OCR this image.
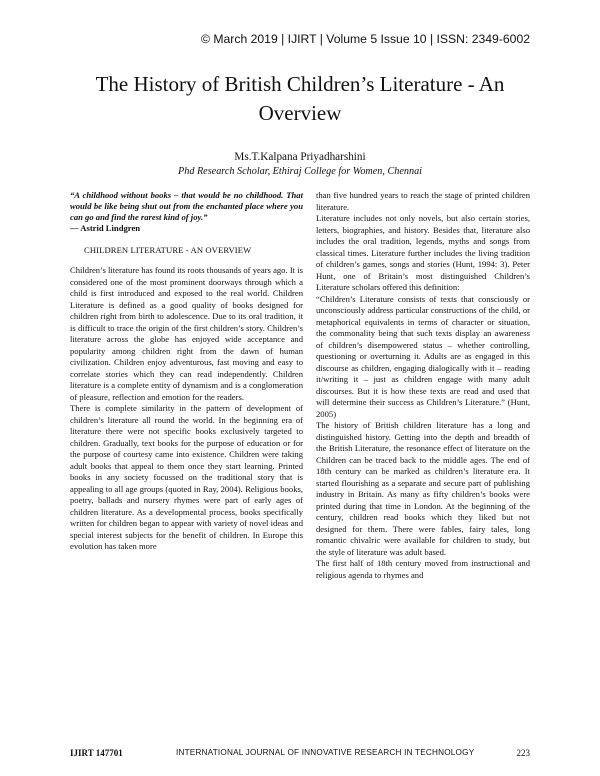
© March 2019 | IJIRT | Volume 5 Issue 10 | ISSN: 2349-6002
The History of British Children’s Literature - An Overview
Ms.T.Kalpana Priyadharshini
Phd Research Scholar, Ethiraj College for Women, Chennai

“A childhood without books – that would be no childhood. That would be like being shut out from the enchanted place where you can go and find the rarest kind of joy.”

— Astrid Lindgren

CHILDREN LITERATURE - AN OVERVIEW

Children’s literature has found its roots thousands of years ago. It is considered one of the most prominent doorways through which a child is first introduced and exposed to the real world. Children Literature is defined as a good quality of books designed for children right from birth to adolescence. Due to its oral tradition, it is difficult to trace the origin of the first children’s story. Children’s literature across the globe has enjoyed wide acceptance and popularity among children right from the dawn of human civilization. Children enjoy adventurous, fast moving and easy to correlate stories which they can read independently. Children literature is a complete entity of dynamism and is a conglomeration of pleasure, reflection and emotion for the readers.

There is complete similarity in the pattern of development of children’s literature all round the world. In the beginning era of literature there were not specific books exclusively targeted to children. Gradually, text books for the purpose of education or for the purpose of courtesy came into existence. Children were taking adult books that appeal to them once they start learning. Printed books in any society focussed on the traditional story that is appealing to all age groups (quoted in Ray, 2004). Religious books, poetry, ballads and nursery rhymes were part of early ages of children literature. As a developmental process, books specifically written for children began to appear with variety of novel ideas and special interest subjects for the benefit of children. In Europe this evolution has taken more

than five hundred years to reach the stage of printed children literature.

Literature includes not only novels, but also certain stories, letters, biographies, and history. Besides that, literature also includes the oral tradition, legends, myths and songs from classical times. Literature further includes the living tradition of children’s games, songs and stories (Hunt, 1994: 3). Peter Hunt, one of Britain’s most distinguished Children’s Literature scholars offered this definition:

“Children’s Literature consists of texts that consciously or unconsciously address particular constructions of the child, or metaphorical equivalents in terms of character or situation, the commonality being that such texts display an awareness of children’s disempowered status – whether controlling, questioning or overturning it. Adults are as engaged in this discourse as children, engaging dialogically with it – reading it/writing it – just as children engage with many adult discourses. But it is how these texts are read and used that will determine their success as Children’s Literature.” (Hunt, 2005)

The history of British children literature has a long and distinguished history. Getting into the depth and breadth of the British Literature, the resonance effect of literature on the Children can be traced back to the middle ages. The end of 18th century can be marked as children’s literature era. It started flourishing as a separate and secure part of publishing industry in Britain. As many as fifty children’s books were printed during that time in London. At the beginning of the century, children read books which they liked but not designed for them. There were fables, fairy tales, long romantic chivalric were available for children to study, but the style of literature was adult based.

The first half of 18th century moved from instructional and religious agenda to rhymes and

IJIRT 147701	INTERNATIONAL JOURNAL OF INNOVATIVE RESEARCH IN TECHNOLOGY	223
